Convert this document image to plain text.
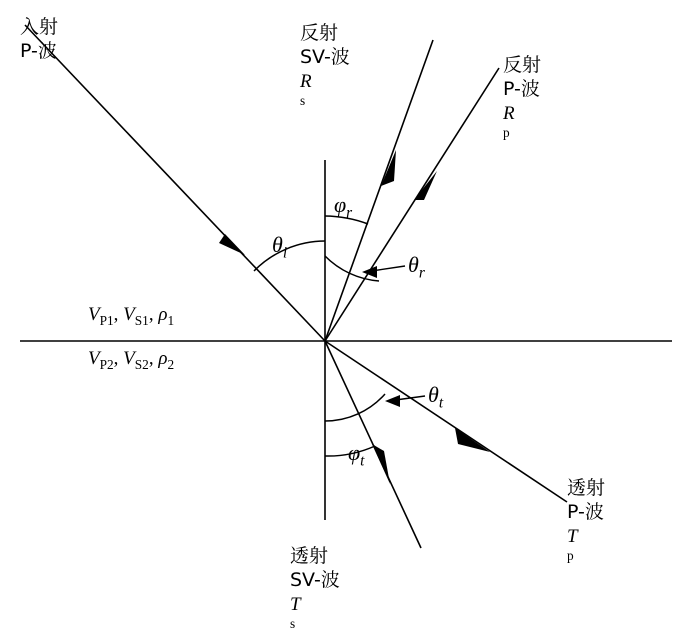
入射
P-波
反射
SV-波
R
s
反射
P-波
R
p
透射
P-波
T
p
透射
SV-波
T
s
$\theta_i$
$\varphi_r$
$\theta_r$
$\theta_t$
$\varphi_t$
$V_{P1}$, $V_{S1}$, $\rho_1$
$V_{P2}$, $V_{S2}$, $\rho_2$
